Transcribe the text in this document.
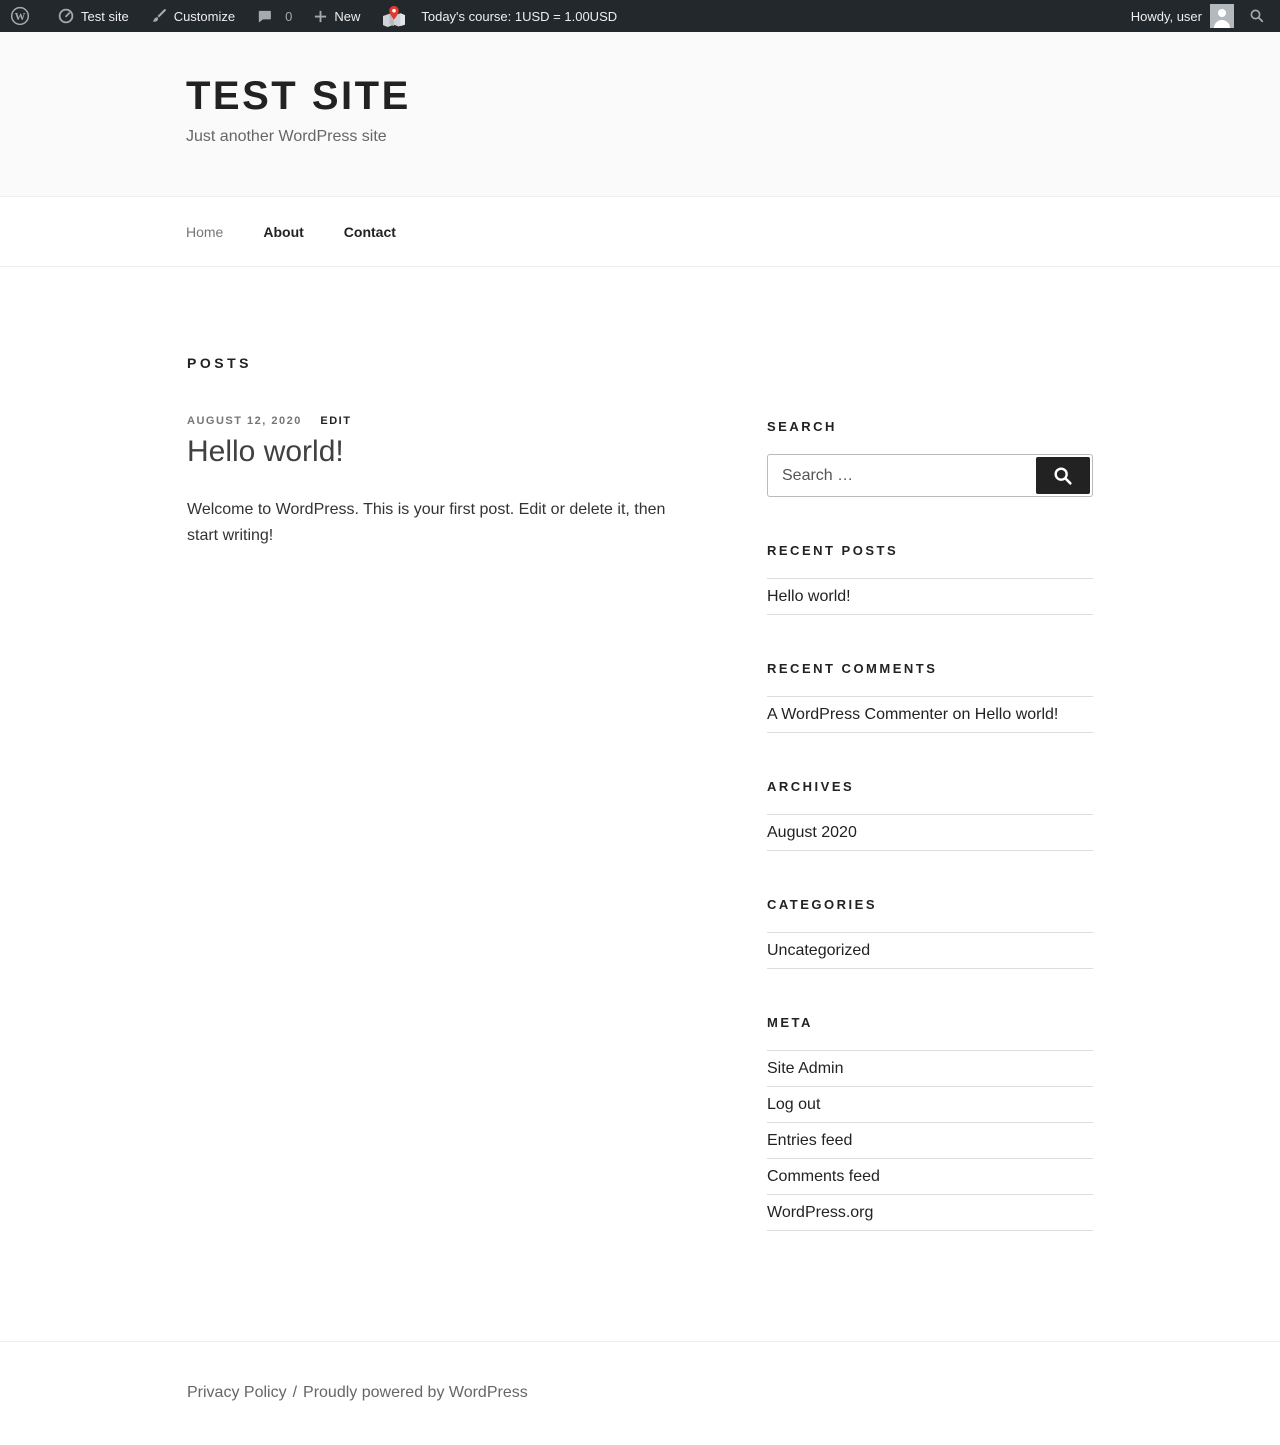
W	Test site	Customize	0	New	Today's course: 1USD = 1.00USD	Howdy, user
TEST SITE
Just another WordPress site
Home	About	Contact
POSTS
AUGUST 12, 2020 EDIT
Hello world!

Welcome to WordPress. This is your first post. Edit or delete it, then start writing!

SEARCH
Search …
RECENT POSTS
Hello world!
RECENT COMMENTS
A WordPress Commenter on Hello world!
ARCHIVES
August 2020
CATEGORIES
Uncategorized
META
Site Admin
Log out
Entries feed
Comments feed
WordPress.org
Privacy Policy / Proudly powered by WordPress
